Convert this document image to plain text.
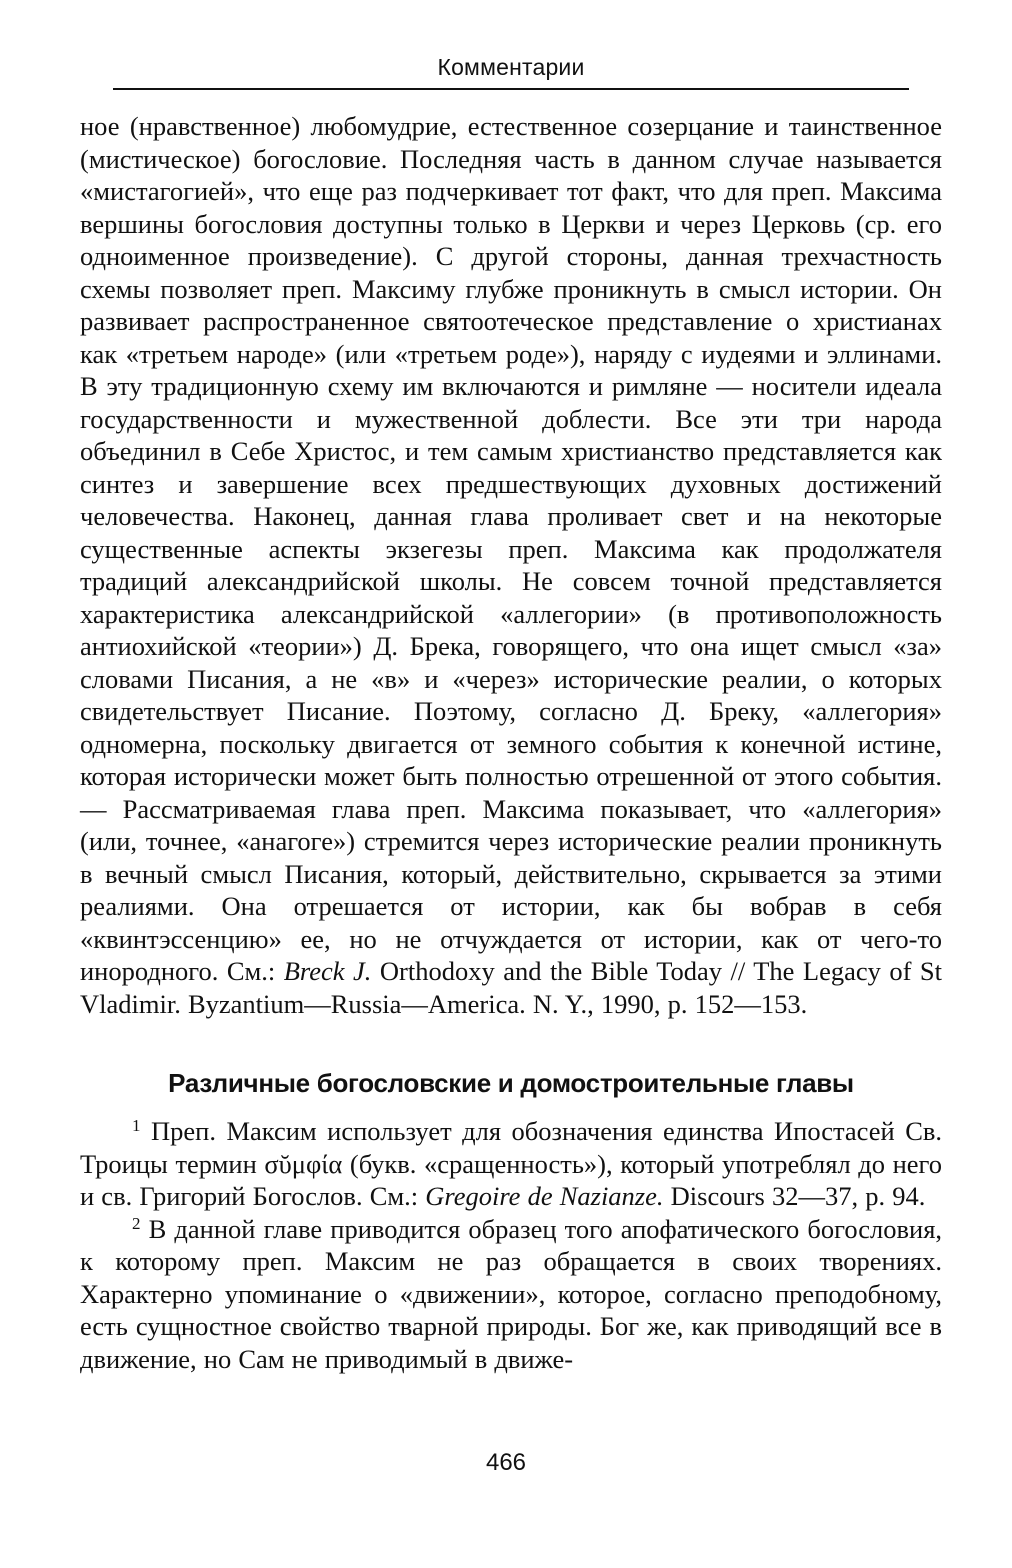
Комментарии

ное (нравственное) любомудрие, естественное созерцание и таинственное (мистическое) богословие. Последняя часть в данном случае называется «мистагогией», что еще раз подчеркивает тот факт, что для преп. Максима вершины богословия доступны только в Церкви и через Церковь (ср. его одноименное произведение). С другой стороны, данная трехчастность схемы позволяет преп. Максиму глубже проникнуть в смысл истории. Он развивает распространенное святоотеческое представление о христианах как «третьем народе» (или «третьем роде»), наряду с иудеями и эллинами. В эту традиционную схему им включаются и римляне — носители идеала государственности и мужественной доблести. Все эти три народа объединил в Себе Христос, и тем самым христианство представляется как синтез и завершение всех предшествующих духовных достижений человечества. Наконец, данная глава проливает свет и на некоторые существенные аспекты экзегезы преп. Максима как продолжателя традиций александрийской школы. Не совсем точной представляется характеристика александрийской «аллегории» (в противоположность антиохийской «теории») Д. Брека, говорящего, что она ищет смысл «за» словами Писания, а не «в» и «через» исторические реалии, о которых свидетельствует Писание. Поэтому, согласно Д. Бреку, «аллегория» одномерна, поскольку двигается от земного события к конечной истине, которая исторически может быть полностью отрешенной от этого события. — Рассматриваемая глава преп. Максима показывает, что «аллегория» (или, точнее, «анагоге») стремится через исторические реалии проникнуть в вечный смысл Писания, который, действительно, скрывается за этими реалиями. Она отрешается от истории, как бы вобрав в себя «квинтэссенцию» ее, но не отчуждается от истории, как от чего-то инородного. См.: Breck J. Orthodoxy and the Bible Today // The Legacy of St Vladimir. Byzantium—Russia—America. N. Y., 1990, p. 152—153.

Различные богословские и домостроительные главы

$^1$ Преп. Максим использует для обозначения единства Ипостасей Св. Троицы термин σῠμφία (букв. «сращенность»), который употреблял до него и св. Григорий Богослов. См.: Gregoire de Nazianze. Discours 32—37, p. 94.

$^2$ В данной главе приводится образец того апофатического богословия, к которому преп. Максим не раз обращается в своих творениях. Характерно упоминание о «движении», которое, согласно преподобному, есть сущностное свойство тварной природы. Бог же, как приводящий все в движение, но Сам не приводимый в движе-

466
